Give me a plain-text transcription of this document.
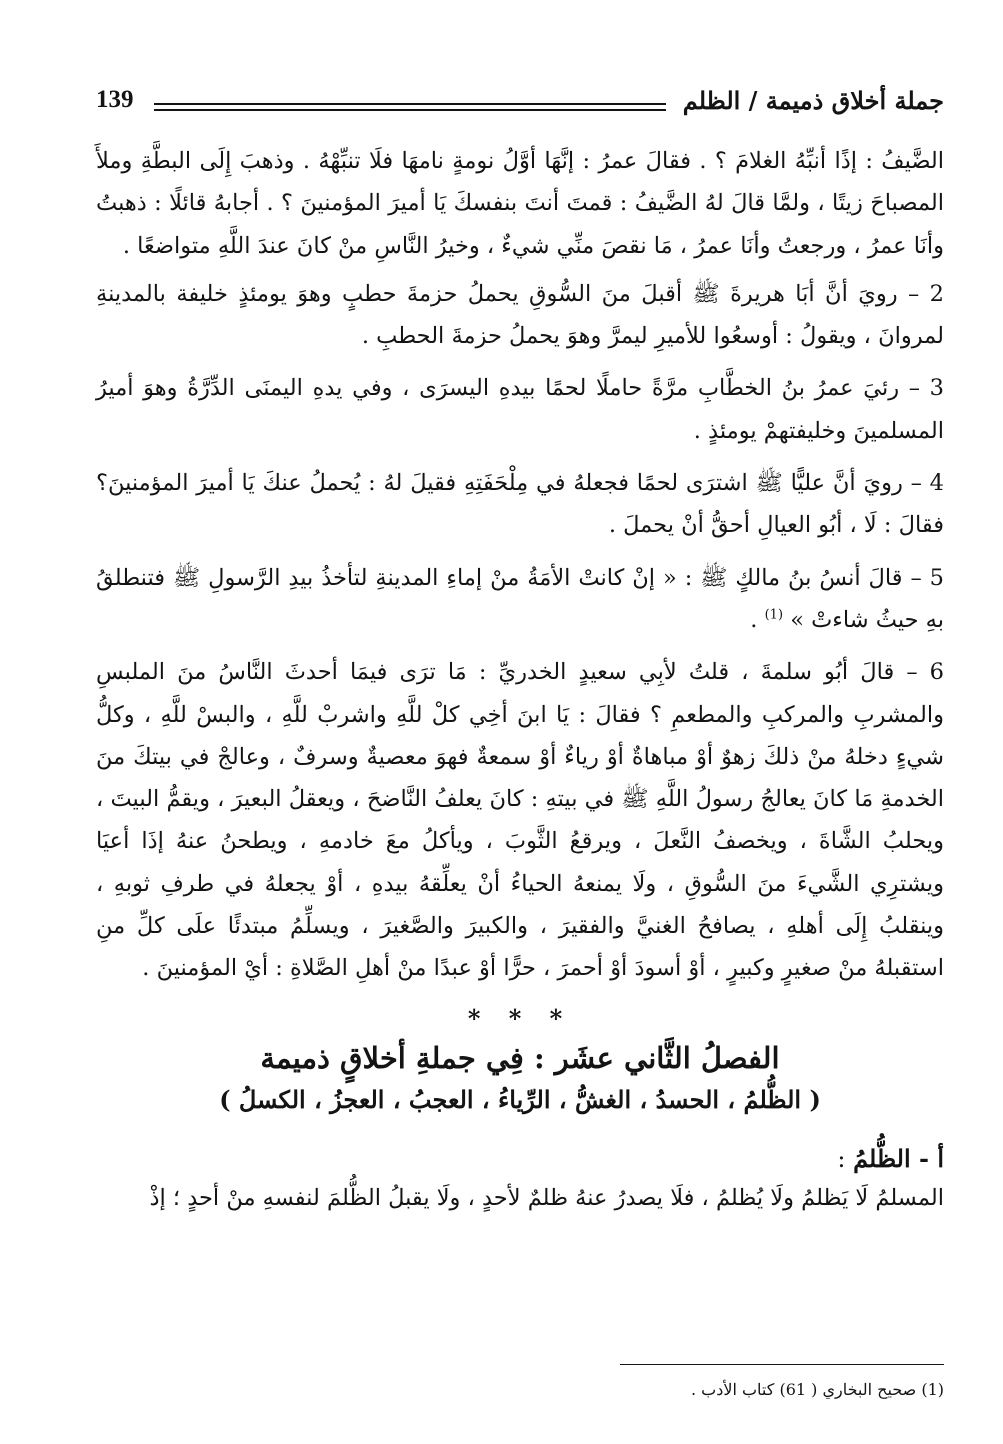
139	جملة أخلاق ذميمة / الظلم

الضَّيفُ : إذًا أنبِّهُ الغلامَ ؟ . فقالَ عمرُ : إنَّهَا أوَّلُ نومةٍ نامهَا فلَا تنبِّهْهُ . وذهبَ إِلَى البطَّةِ وملأَ المصباحَ زيتًا ، ولمَّا قالَ لهُ الضَّيفُ : قمتَ أنتَ بنفسكَ يَا أميرَ المؤمنينَ ؟ . أجابهُ قائلًا : ذهبتُ وأنَا عمرُ ، ورجعتُ وأنَا عمرُ ، مَا نقصَ منِّي شيءٌ ، وخيرُ النَّاسِ منْ كانَ عندَ اللَّهِ متواضعًا .

2 – رويَ أنَّ أبَا هريرةَ ﷺ أقبلَ منَ السُّوقِ يحملُ حزمةَ حطبٍ وهوَ يومئذٍ خليفة بالمدينةِ لمروانَ ، ويقولُ : أوسعُوا للأميرِ ليمرَّ وهوَ يحملُ حزمةَ الحطبِ .

3 – رئيَ عمرُ بنُ الخطَّابِ مرَّةً حاملًا لحمًا بيدهِ اليسرَى ، وفي يدهِ اليمنَى الدِّرَّةُ وهوَ أميرُ المسلمينَ وخليفتهمْ يومئذٍ .

4 – رويَ أنَّ عليًّا ﷺ اشترَى لحمًا فجعلهُ في مِلْحَفَتِهِ فقيلَ لهُ : يُحملُ عنكَ يَا أميرَ المؤمنينَ؟ فقالَ : لَا ، أبُو العيالِ أحقُّ أنْ يحملَ .

5 – قالَ أنسُ بنُ مالكٍ ﷺ : « إنْ كانتْ الأمَةُ منْ إماءِ المدينةِ لتأخذُ بيدِ الرَّسولِ ﷺ فتنطلقُ بهِ حيثُ شاءتْ » $^{(1)}$ .

6 – قالَ أبُو سلمةَ ، قلتُ لأبِي سعيدٍ الخدريِّ : مَا ترَى فيمَا أحدثَ النَّاسُ منَ الملبسِ والمشربِ والمركبِ والمطعمِ ؟ فقالَ : يَا ابنَ أخِي كلْ للَّهِ واشربْ للَّهِ ، والبسْ للَّهِ ، وكلُّ شيءٍ دخلهُ منْ ذلكَ زهوٌ أوْ مباهاةٌ أوْ رياءٌ أوْ سمعةٌ فهوَ معصيةٌ وسرفٌ ، وعالجْ في بيتكَ منَ الخدمةِ مَا كانَ يعالجُ رسولُ اللَّهِ ﷺ في بيتهِ : كانَ يعلفُ النَّاضحَ ، ويعقلُ البعيرَ ، ويقمُّ البيتَ ، ويحلبُ الشَّاةَ ، ويخصفُ النَّعلَ ، ويرقعُ الثَّوبَ ، ويأكلُ معَ خادمهِ ، ويطحنُ عنهُ إذَا أعيَا ويشترِي الشَّيءَ منَ السُّوقِ ، ولَا يمنعهُ الحياءُ أنْ يعلِّقهُ بيدهِ ، أوْ يجعلهُ في طرفِ ثوبهِ ، وينقلبُ إِلَى أهلهِ ، يصافحُ الغنيَّ والفقيرَ ، والكبيرَ والصَّغيرَ ، ويسلِّمُ مبتدئًا علَى كلِّ منِ استقبلهُ منْ صغيرٍ وكبيرٍ ، أوْ أسودَ أوْ أحمرَ ، حرًّا أوْ عبدًا منْ أهلِ الصَّلاةِ : أيْ المؤمنينَ .

* * *
الفصلُ الثَّاني عشَر : فِي جملةِ أخلاقٍ ذميمة
( الظُّلمُ ، الحسدُ ، الغشُّ ، الرِّياءُ ، العجبُ ، العجزُ ، الكسلُ )
أ - الظُّلمُ :

المسلمُ لَا يَظلمُ ولَا يُظلمُ ، فلَا يصدرُ عنهُ ظلمٌ لأحدٍ ، ولَا يقبلُ الظُّلمَ لنفسهِ منْ أحدٍ ؛ إذْ

(1) صحيح البخاري ( 61) كتاب الأدب .
